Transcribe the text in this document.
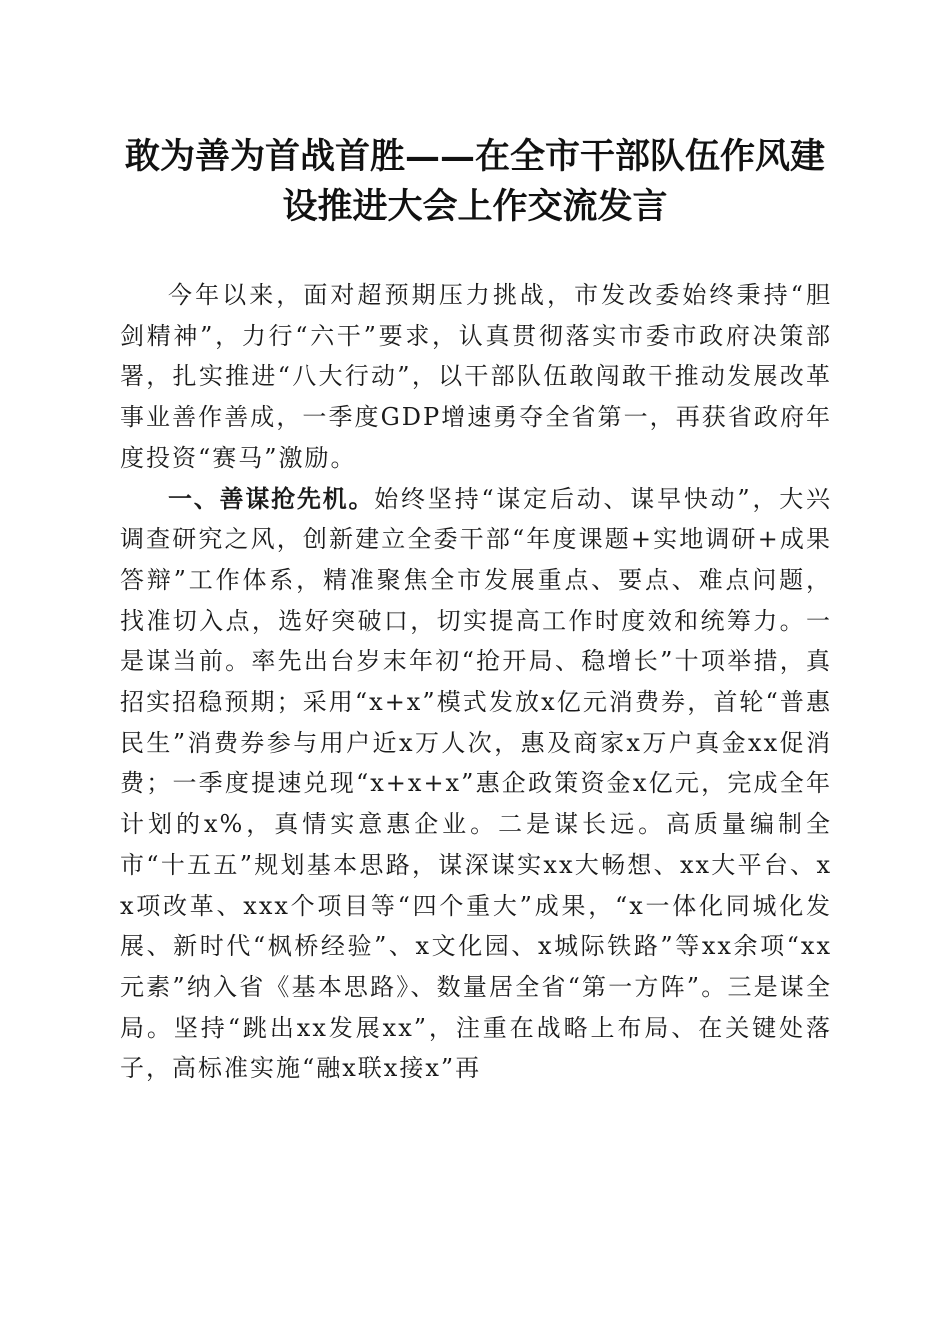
敢为善为首战首胜——在全市干部队伍作风建
设推进大会上作交流发言

今年以来，面对超预期压力挑战，市发改委始终秉持“胆剑精神”，力行“六干”要求，认真贯彻落实市委市政府决策部署，扎实推进“八大行动”，以干部队伍敢闯敢干推动发展改革事业善作善成，一季度GDP增速勇夺全省第一，再获省政府年度投资“赛马”激励。

一、善谋抢先机。始终坚持“谋定后动、谋早快动”，大兴调查研究之风，创新建立全委干部“年度课题+实地调研+成果答辩”工作体系，精准聚焦全市发展重点、要点、难点问题，找准切入点，选好突破口，切实提高工作时度效和统筹力。一是谋当前。率先出台岁末年初“抢开局、稳增长”十项举措，真招实招稳预期；采用“x+x”模式发放x亿元消费券，首轮“普惠民生”消费券参与用户近x万人次，惠及商家x万户真金xx促消费；一季度提速兑现“x+x+x”惠企政策资金x亿元，完成全年计划的x%，真情实意惠企业。二是谋长远。高质量编制全市“十五五”规划基本思路，谋深谋实xx大畅想、xx大平台、xx项改革、xxx个项目等“四个重大”成果，“x一体化同城化发展、新时代“枫桥经验”、x文化园、x城际铁路”等xx余项“xx元素”纳入省《基本思路》、数量居全省“第一方阵”。三是谋全局。坚持“跳出xx发展xx”，注重在战略上布局、在关键处落子，高标准实施“融x联x接x”再
